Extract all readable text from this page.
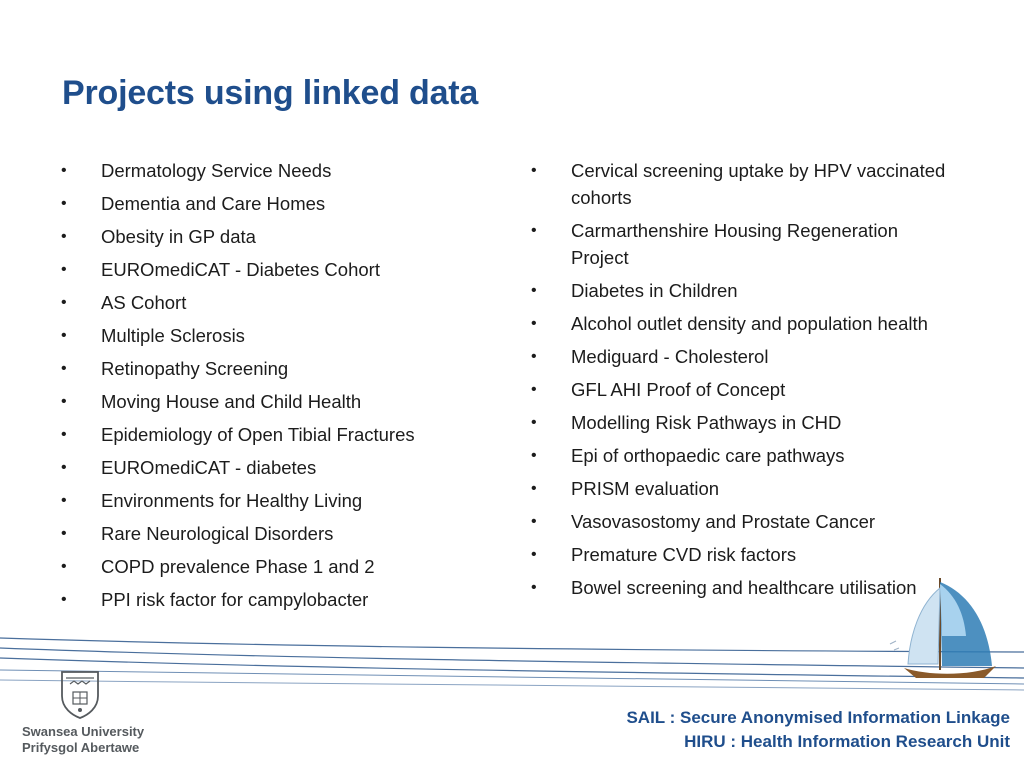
Projects using linked data
• Dermatology Service Needs
• Dementia and Care Homes
• Obesity in GP data
• EUROmediCAT - Diabetes Cohort
• AS Cohort
• Multiple Sclerosis
• Retinopathy Screening
• Moving House and Child Health
• Epidemiology of Open Tibial Fractures
• EUROmediCAT - diabetes
• Environments for Healthy Living
• Rare Neurological Disorders
• COPD prevalence Phase 1 and 2
• PPI risk factor for campylobacter
• Cervical screening uptake by HPV vaccinated cohorts
• Carmarthenshire Housing Regeneration Project
• Diabetes in Children
• Alcohol outlet density and population health
• Mediguard - Cholesterol
• GFL AHI Proof of Concept
• Modelling Risk Pathways in CHD
• Epi of orthopaedic care pathways
• PRISM evaluation
• Vasovasostomy and Prostate Cancer
• Premature CVD risk factors
• Bowel screening and healthcare utilisation
Swansea University
Prifysgol Abertawe
SAIL : Secure Anonymised Information Linkage
HIRU : Health Information Research Unit
